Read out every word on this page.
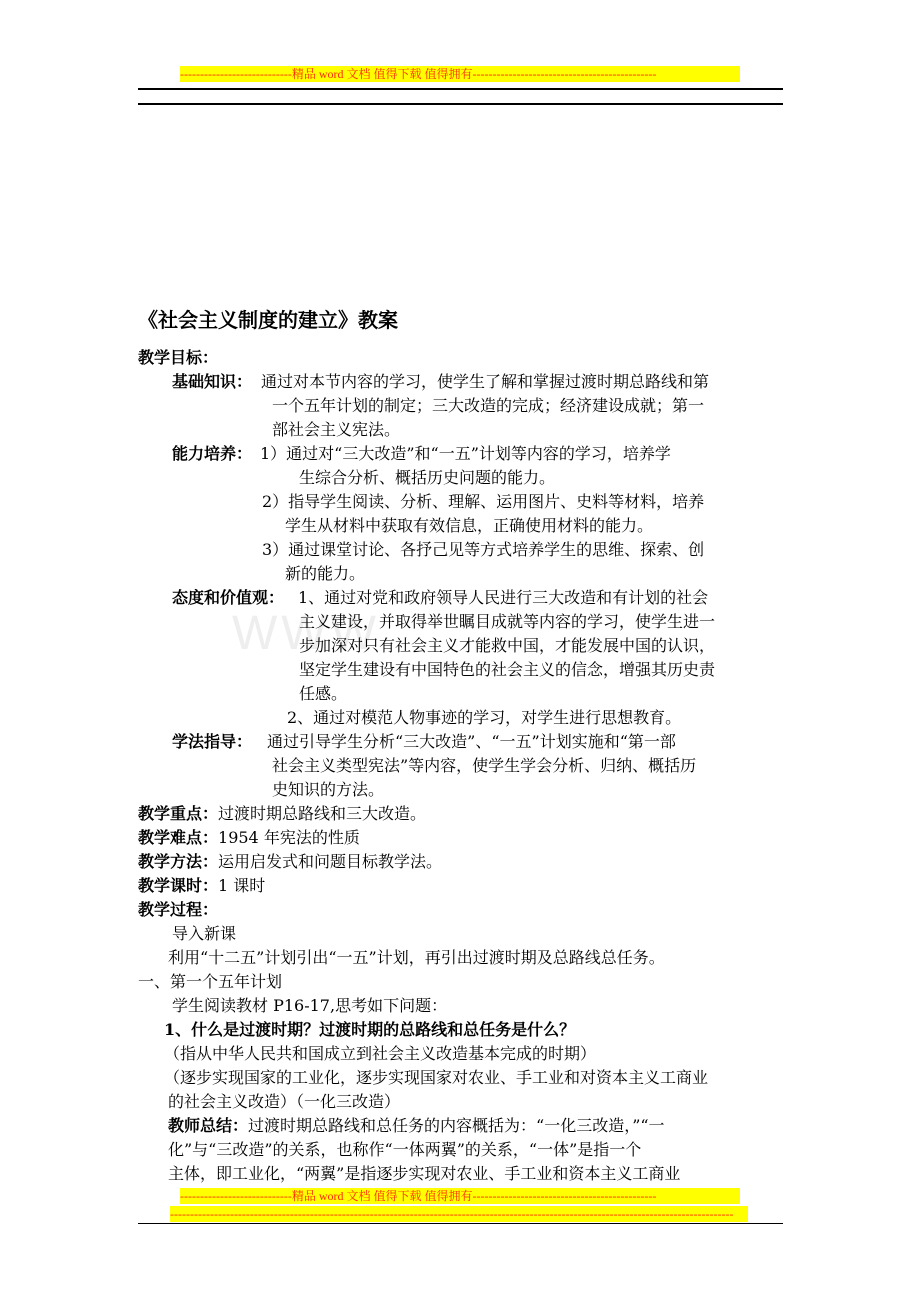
----------------------------精品 word 文档 值得下载 值得拥有----------------------------------------------
WWW
《社会主义制度的建立》教案
教学目标：
基础知识： 通过对本节内容的学习，使学生了解和掌握过渡时期总路线和第
一个五年计划的制定；三大改造的完成；经济建设成就；第一
部社会主义宪法。
能力培养： 1）通过对“三大改造”和“一五”计划等内容的学习，培养学
生综合分析、概括历史问题的能力。
2）指导学生阅读、分析、理解、运用图片、史料等材料，培养
学生从材料中获取有效信息，正确使用材料的能力。
3）通过课堂讨论、各抒己见等方式培养学生的思维、探索、创
新的能力。
态度和价值观： 1、通过对党和政府领导人民进行三大改造和有计划的社会
主义建设，并取得举世瞩目成就等内容的学习，使学生进一
步加深对只有社会主义才能救中国，才能发展中国的认识，
坚定学生建设有中国特色的社会主义的信念，增强其历史责
任感。
2、通过对模范人物事迹的学习，对学生进行思想教育。
学法指导： 通过引导学生分析“三大改造”、“一五”计划实施和“第一部
社会主义类型宪法”等内容，使学生学会分析、归纳、概括历
史知识的方法。
教学重点：过渡时期总路线和三大改造。
教学难点：1954 年宪法的性质
教学方法：运用启发式和问题目标教学法。
教学课时：1 课时
教学过程：
导入新课
利用“十二五”计划引出“一五”计划，再引出过渡时期及总路线总任务。
一、第一个五年计划
学生阅读教材 P16-17,思考如下问题：
1、什么是过渡时期？过渡时期的总路线和总任务是什么？
（指从中华人民共和国成立到社会主义改造基本完成的时期）
（逐步实现国家的工业化，逐步实现国家对农业、手工业和对资本主义工商业
的社会主义改造）（一化三改造）
教师总结：过渡时期总路线和总任务的内容概括为：“一化三改造，”“一
化”与“三改造”的关系，也称作“一体两翼”的关系，“一体”是指一个
主体，即工业化，“两翼”是指逐步实现对农业、手工业和资本主义工商业
----------------------------精品 word 文档 值得下载 值得拥有----------------------------------------------
---------------------------------------------------------------------------------------------------------------------------------------------
